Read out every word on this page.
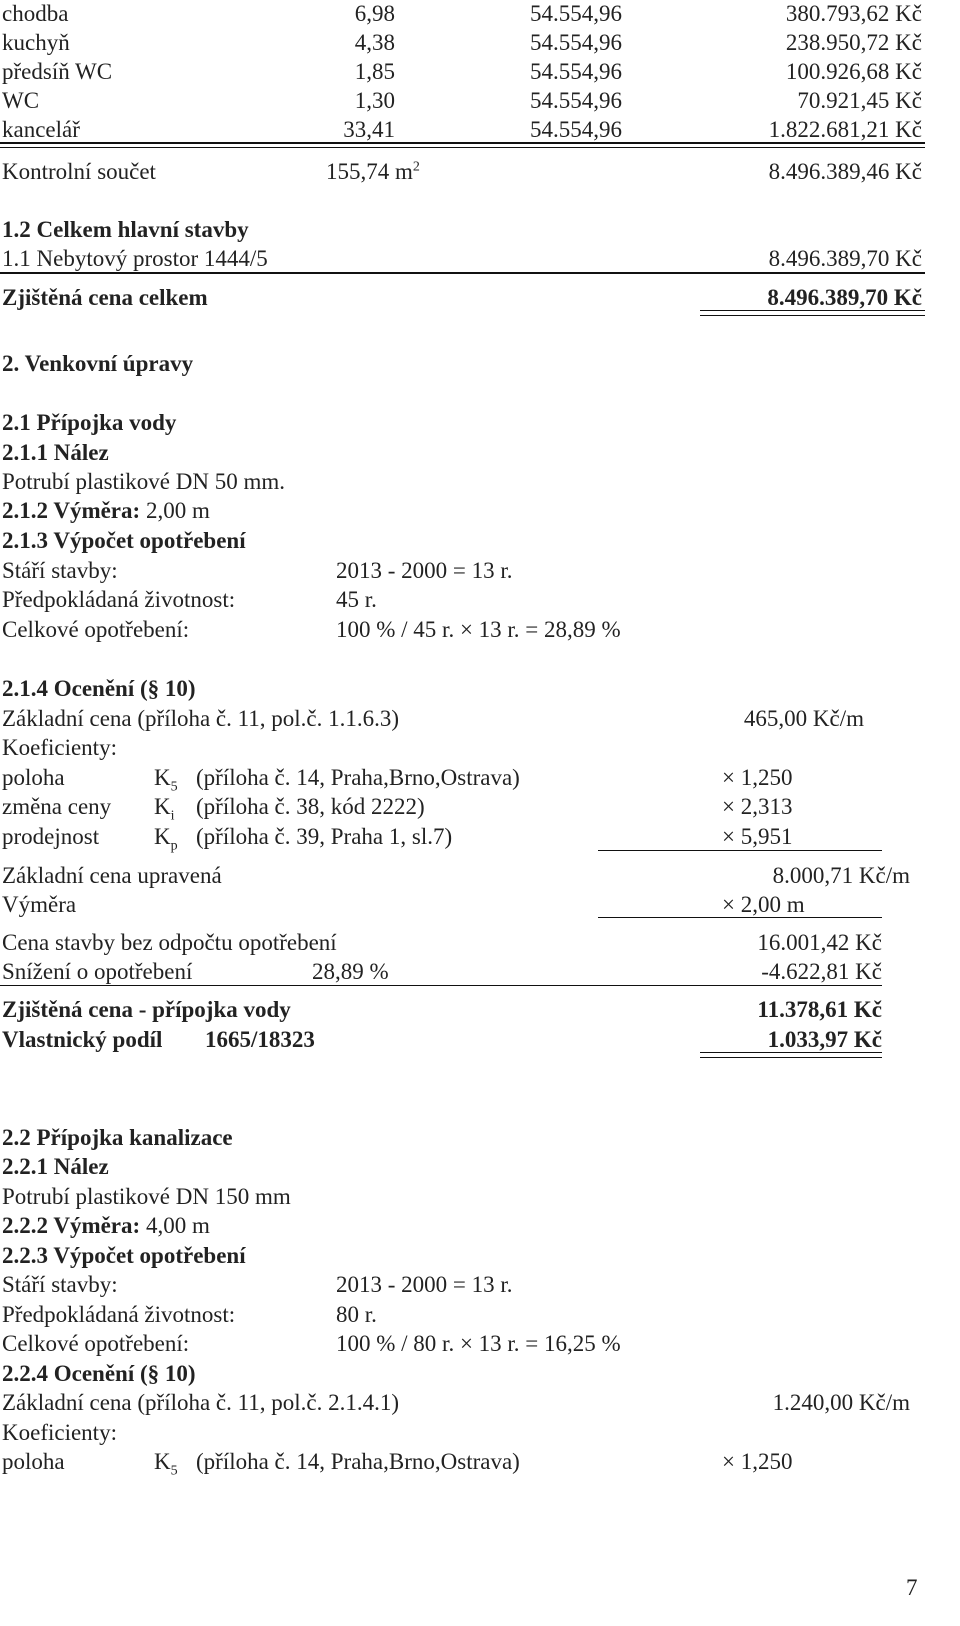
chodba	6,98	54.554,96	380.793,62 Kč
kuchyň	4,38	54.554,96	238.950,72 Kč
předsíň WC	1,85	54.554,96	100.926,68 Kč
WC	1,30	54.554,96	70.921,45 Kč
kancelář	33,41	54.554,96	1.822.681,21 Kč
Kontrolní součet	155,74 $m^2$	8.496.389,46 Kč
1.2 Celkem hlavní stavby
1.1 Nebytový prostor 1444/5	8.496.389,70 Kč
Zjištěná cena celkem	8.496.389,70 Kč
2. Venkovní úpravy
2.1 Přípojka vody
2.1.1 Nález
Potrubí plastikové DN 50 mm.
2.1.2 Výměra: 2,00 m
2.1.3 Výpočet opotřebení
Stáří stavby:	2013 - 2000 = 13 r.
Předpokládaná životnost:	45 r.
Celkové opotřebení:	100 % / 45 r. × 13 r. = 28,89 %
2.1.4 Ocenění (§ 10)
Základní cena (příloha č. 11, pol.č. 1.1.6.3)	465,00 Kč/m
Koeficienty:
poloha	$K_5$ (příloha č. 14, Praha,Brno,Ostrava)	× 1,250
změna ceny $K_i$ (příloha č. 38, kód 2222)	× 2,313
prodejnost $K_p$ (příloha č. 39, Praha 1, sl.7)	× 5,951
Základní cena upravená	8.000,71 Kč/m
Výměra	× 2,00 m
Cena stavby bez odpočtu opotřebení	16.001,42 Kč
Snížení o opotřebení	28,89 %	-4.622,81 Kč
Zjištěná cena - přípojka vody	11.378,61 Kč
Vlastnický podíl 1665/18323	1.033,97 Kč
2.2 Přípojka kanalizace
2.2.1 Nález
Potrubí plastikové DN 150 mm
2.2.2 Výměra: 4,00 m
2.2.3 Výpočet opotřebení
Stáří stavby:	2013 - 2000 = 13 r.
Předpokládaná životnost:	80 r.
Celkové opotřebení:	100 % / 80 r. × 13 r. = 16,25 %
2.2.4 Ocenění (§ 10)
Základní cena (příloha č. 11, pol.č. 2.1.4.1)	1.240,00 Kč/m
Koeficienty:
poloha	$K_5$ (příloha č. 14, Praha,Brno,Ostrava)	× 1,250
7
